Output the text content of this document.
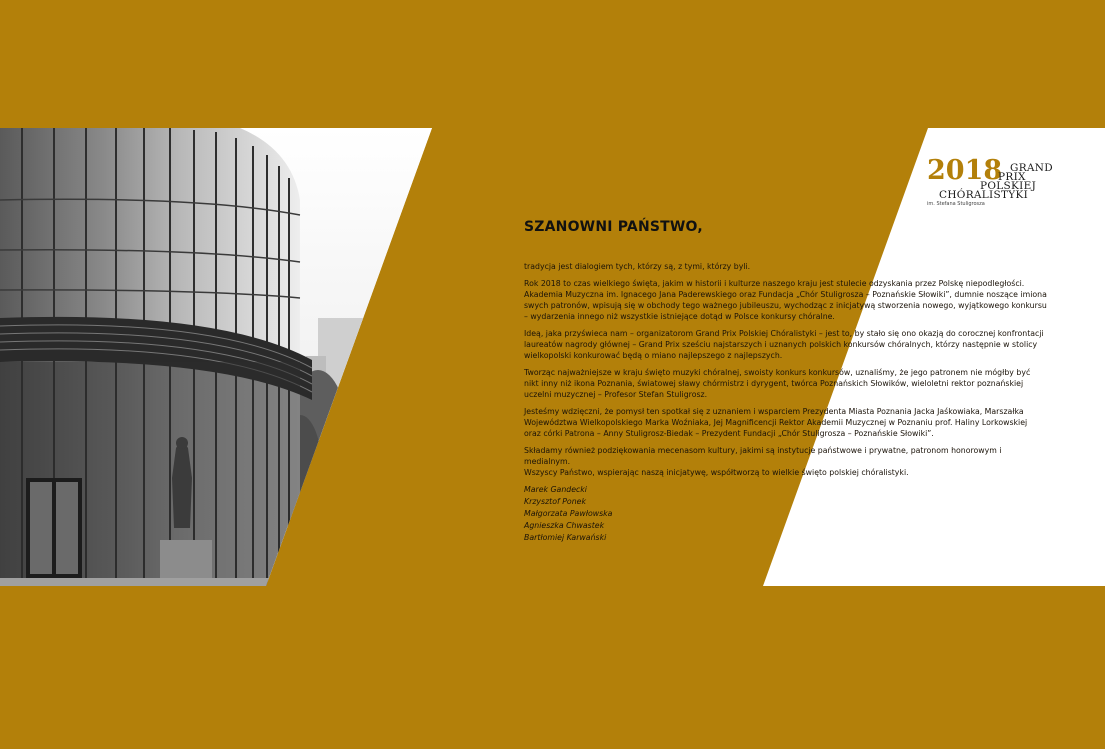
2018 GRAND
PRIX
POLSKIEJ
CHÓRALISTYKI
im. Stefana Stuligrosza
SZANOWNI PAŃSTWO,

tradycja jest dialogiem tych, którzy są, z tymi, którzy byli.

Rok 2018 to czas wielkiego święta, jakim w historii i kulturze naszego kraju jest stulecie odzyskania przez Polskę niepodległości.
Akademia Muzyczna im. Ignacego Jana Paderewskiego oraz Fundacja „Chór Stuligrosza – Poznańskie Słowiki”, dumnie noszące imiona
swych patronów, wpisują się w obchody tego ważnego jubileuszu, wychodząc z inicjatywą stworzenia nowego, wyjątkowego konkursu
– wydarzenia innego niż wszystkie istniejące dotąd w Polsce konkursy chóralne.

Ideą, jaka przyświeca nam – organizatorom Grand Prix Polskiej Chóralistyki – jest to, by stało się ono okazją do corocznej konfrontacji
laureatów nagrody głównej – Grand Prix sześciu najstarszych i uznanych polskich konkursów chóralnych, którzy następnie w stolicy
wielkopolski konkurować będą o miano najlepszego z najlepszych.

Tworząc najważniejsze w kraju święto muzyki chóralnej, swoisty konkurs konkursów, uznaliśmy, że jego patronem nie mógłby być
nikt inny niż ikona Poznania, światowej sławy chórmistrz i dyrygent, twórca Poznańskich Słowików, wieloletni rektor poznańskiej
uczelni muzycznej – Profesor Stefan Stuligrosz.

Jesteśmy wdzięczni, że pomysł ten spotkał się z uznaniem i wsparciem Prezydenta Miasta Poznania Jacka Jaśkowiaka, Marszałka
Województwa Wielkopolskiego Marka Woźniaka, Jej Magnificencji Rektor Akademii Muzycznej w Poznaniu prof. Haliny Lorkowskiej
oraz córki Patrona – Anny Stuligrosz-Biedak – Prezydent Fundacji „Chór Stuligrosza – Poznańskie Słowiki”.

Składamy również podziękowania mecenasom kultury, jakimi są instytucje państwowe i prywatne, patronom honorowym i medialnym.
Wszyscy Państwo, wspierając naszą inicjatywę, współtworzą to wielkie święto polskiej chóralistyki.

Marek Gandecki
Krzysztof Ponek
Małgorzata Pawłowska
Agnieszka Chwastek
Bartłomiej Karwański
